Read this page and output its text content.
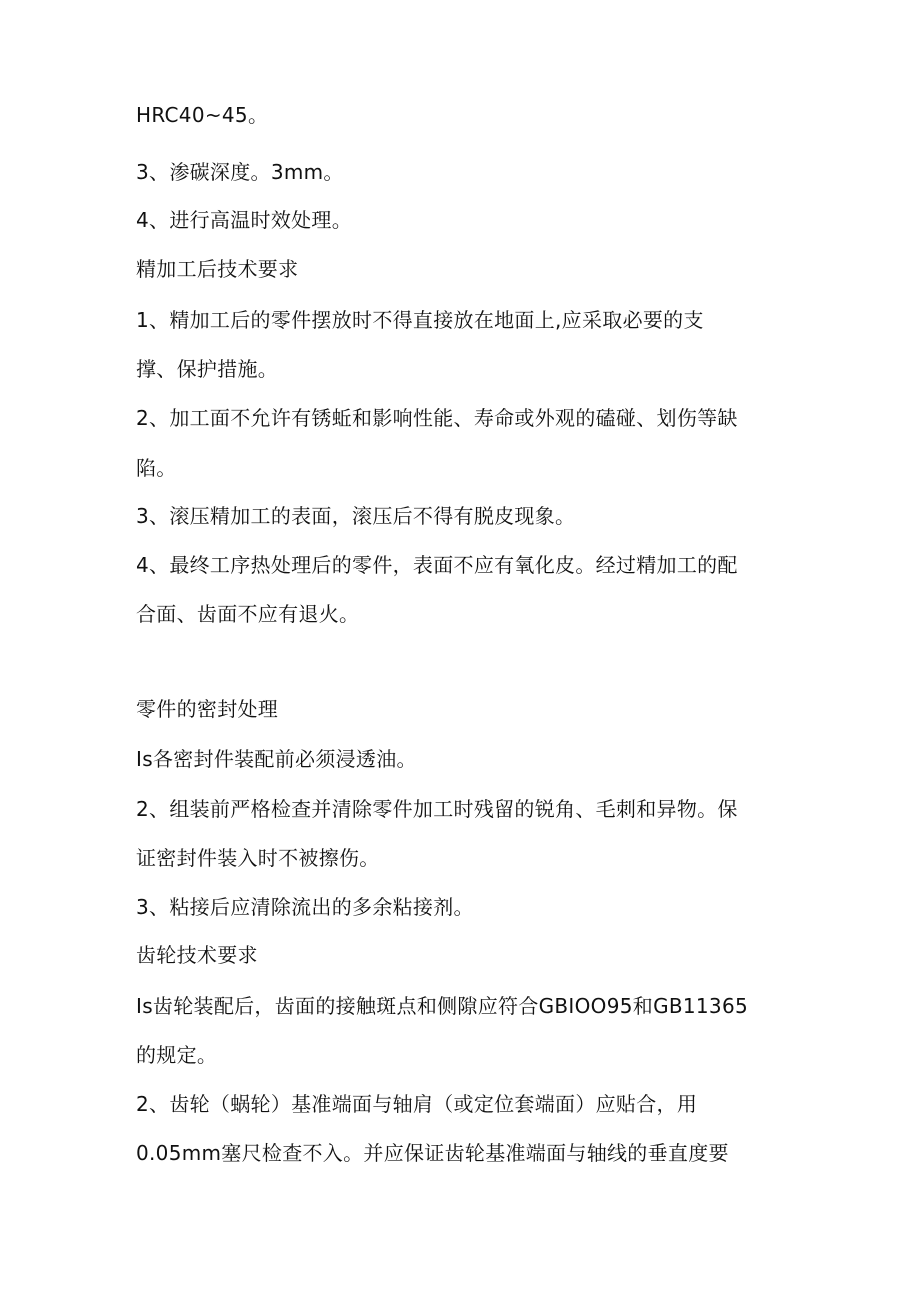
HRC40~45。
3、渗碳深度。3mm。
4、进行高温时效处理。
精加工后技术要求
1、精加工后的零件摆放时不得直接放在地面上,应采取必要的支
撑、保护措施。
2、加工面不允许有锈蚯和影响性能、寿命或外观的磕碰、划伤等缺
陷。
3、滚压精加工的表面，滚压后不得有脱皮现象。
4、最终工序热处理后的零件，表面不应有氧化皮。经过精加工的配
合面、齿面不应有退火。
零件的密封处理
Is各密封件装配前必须浸透油。
2、组装前严格检查并清除零件加工时残留的锐角、毛刺和异物。保
证密封件装入时不被擦伤。
3、粘接后应清除流出的多余粘接剂。
齿轮技术要求
Is齿轮装配后，齿面的接触斑点和侧隙应符合GBIOO95和GB11365
的规定。
2、齿轮（蜗轮）基准端面与轴肩（或定位套端面）应贴合，用
0.05mm塞尺检查不入。并应保证齿轮基准端面与轴线的垂直度要
